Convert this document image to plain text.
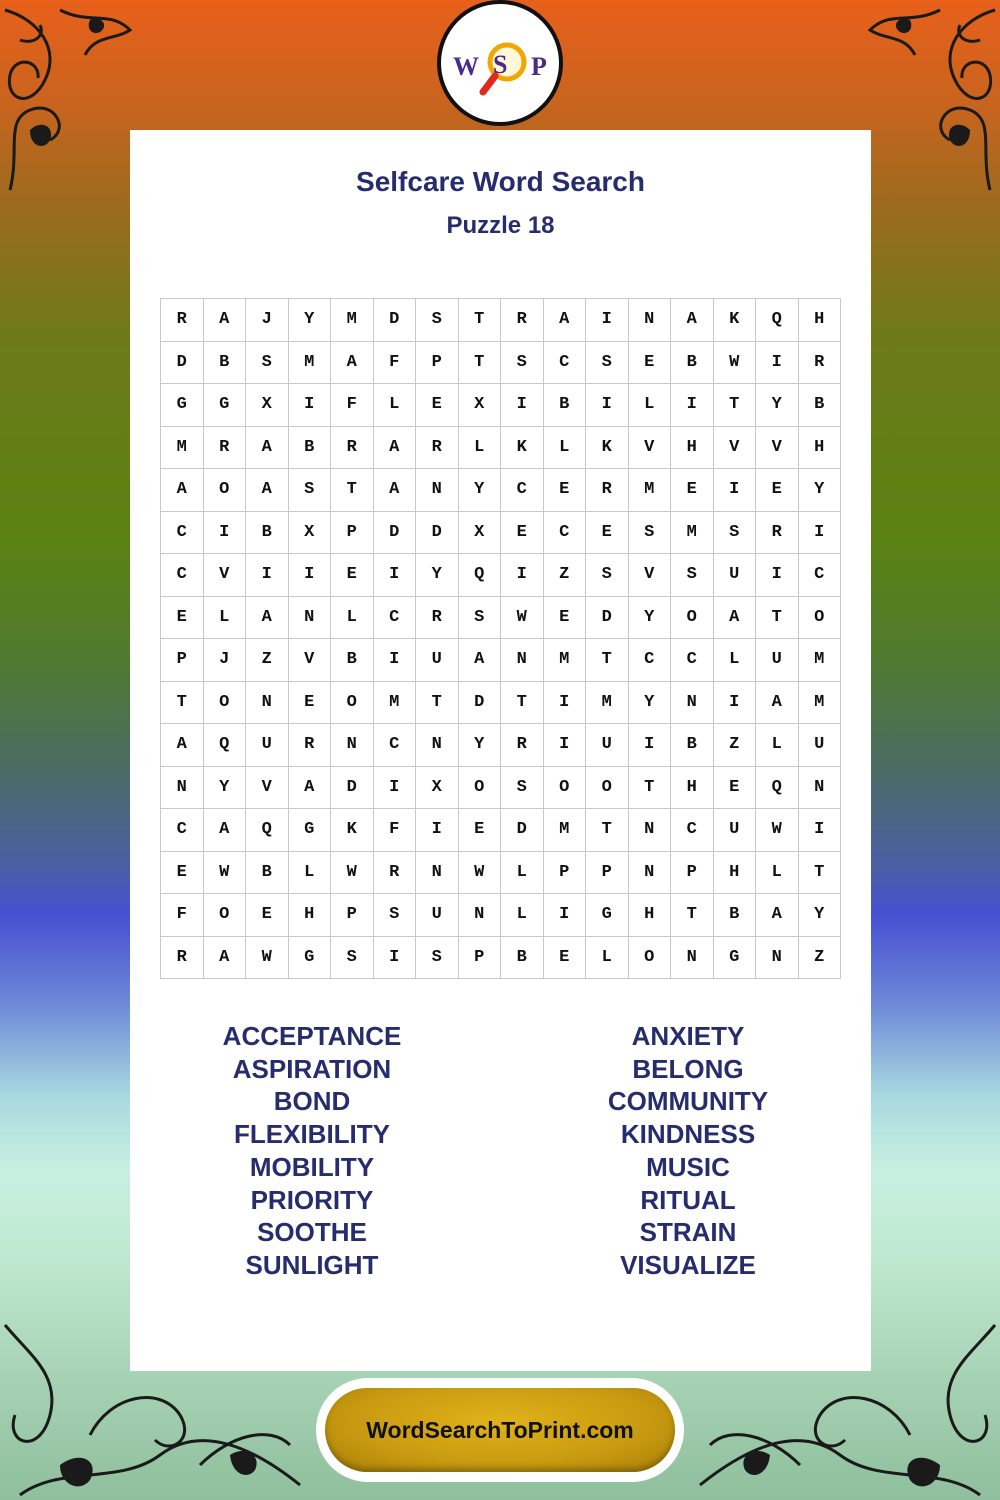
W S P
Selfcare Word Search
Puzzle 18
R	A	J	Y	M	D	S	T	R	A	I	N	A	K	Q	H
D	B	S	M	A	F	P	T	S	C	S	E	B	W	I	R
G	G	X	I	F	L	E	X	I	B	I	L	I	T	Y	B
M	R	A	B	R	A	R	L	K	L	K	V	H	V	V	H
A	O	A	S	T	A	N	Y	C	E	R	M	E	I	E	Y
C	I	B	X	P	D	D	X	E	C	E	S	M	S	R	I
C	V	I	I	E	I	Y	Q	I	Z	S	V	S	U	I	C
E	L	A	N	L	C	R	S	W	E	D	Y	O	A	T	O
P	J	Z	V	B	I	U	A	N	M	T	C	C	L	U	M
T	O	N	E	O	M	T	D	T	I	M	Y	N	I	A	M
A	Q	U	R	N	C	N	Y	R	I	U	I	B	Z	L	U
N	Y	V	A	D	I	X	O	S	O	O	T	H	E	Q	N
C	A	Q	G	K	F	I	E	D	M	T	N	C	U	W	I
E	W	B	L	W	R	N	W	L	P	P	N	P	H	L	T
F	O	E	H	P	S	U	N	L	I	G	H	T	B	A	Y
R	A	W	G	S	I	S	P	B	E	L	O	N	G	N	Z
ACCEPTANCE
ASPIRATION
BOND
FLEXIBILITY
MOBILITY
PRIORITY
SOOTHE
SUNLIGHT
ANXIETY
BELONG
COMMUNITY
KINDNESS
MUSIC
RITUAL
STRAIN
VISUALIZE
WordSearchToPrint.com
